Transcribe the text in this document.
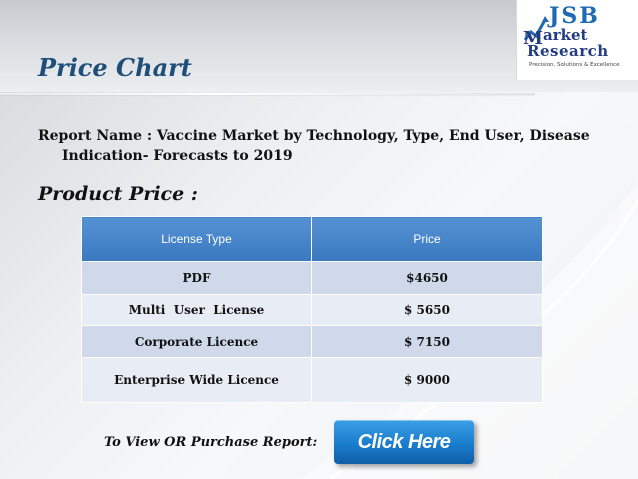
Price Chart
M
JSB
arket
Research
Precision, Solutions & Excellence
Report Name : Vaccine Market by Technology, Type, End User, Disease
Indication- Forecasts to 2019
Product Price :
License Type	Price
PDF	$4650
Multi  User  License	$ 5650
Corporate Licence	$ 7150
Enterprise Wide Licence	$ 9000
To View OR Purchase Report:	Click Here
